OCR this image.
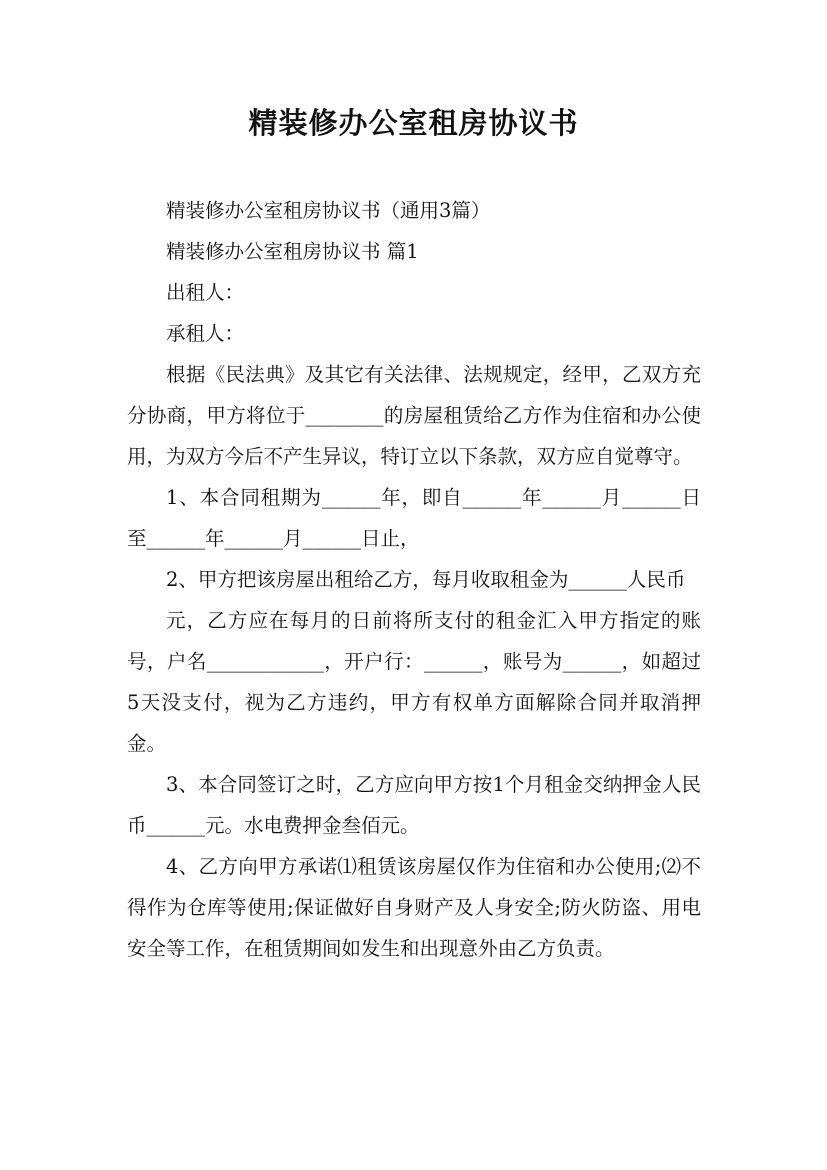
精装修办公室租房协议书

精装修办公室租房协议书（通用3篇）

精装修办公室租房协议书 篇1

出租人：

承租人：

根据《民法典》及其它有关法律、法规规定，经甲，乙双方充分协商，甲方将位于________的房屋租赁给乙方作为住宿和办公使用，为双方今后不产生异议，特订立以下条款，双方应自觉尊守。

1、本合同租期为______年，即自______年______月______日至______年______月______日止，

2、甲方把该房屋出租给乙方，每月收取租金为______人民币

元，乙方应在每月的日前将所支付的租金汇入甲方指定的账号，户名____________，开户行：______，账号为______，如超过5天没支付，视为乙方违约，甲方有权单方面解除合同并取消押金。

3、本合同签订之时，乙方应向甲方按1个月租金交纳押金人民币______元。水电费押金叁佰元。

4、乙方向甲方承诺⑴租赁该房屋仅作为住宿和办公使用;⑵不得作为仓库等使用;保证做好自身财产及人身安全;防火防盗、用电安全等工作，在租赁期间如发生和出现意外由乙方负责。
